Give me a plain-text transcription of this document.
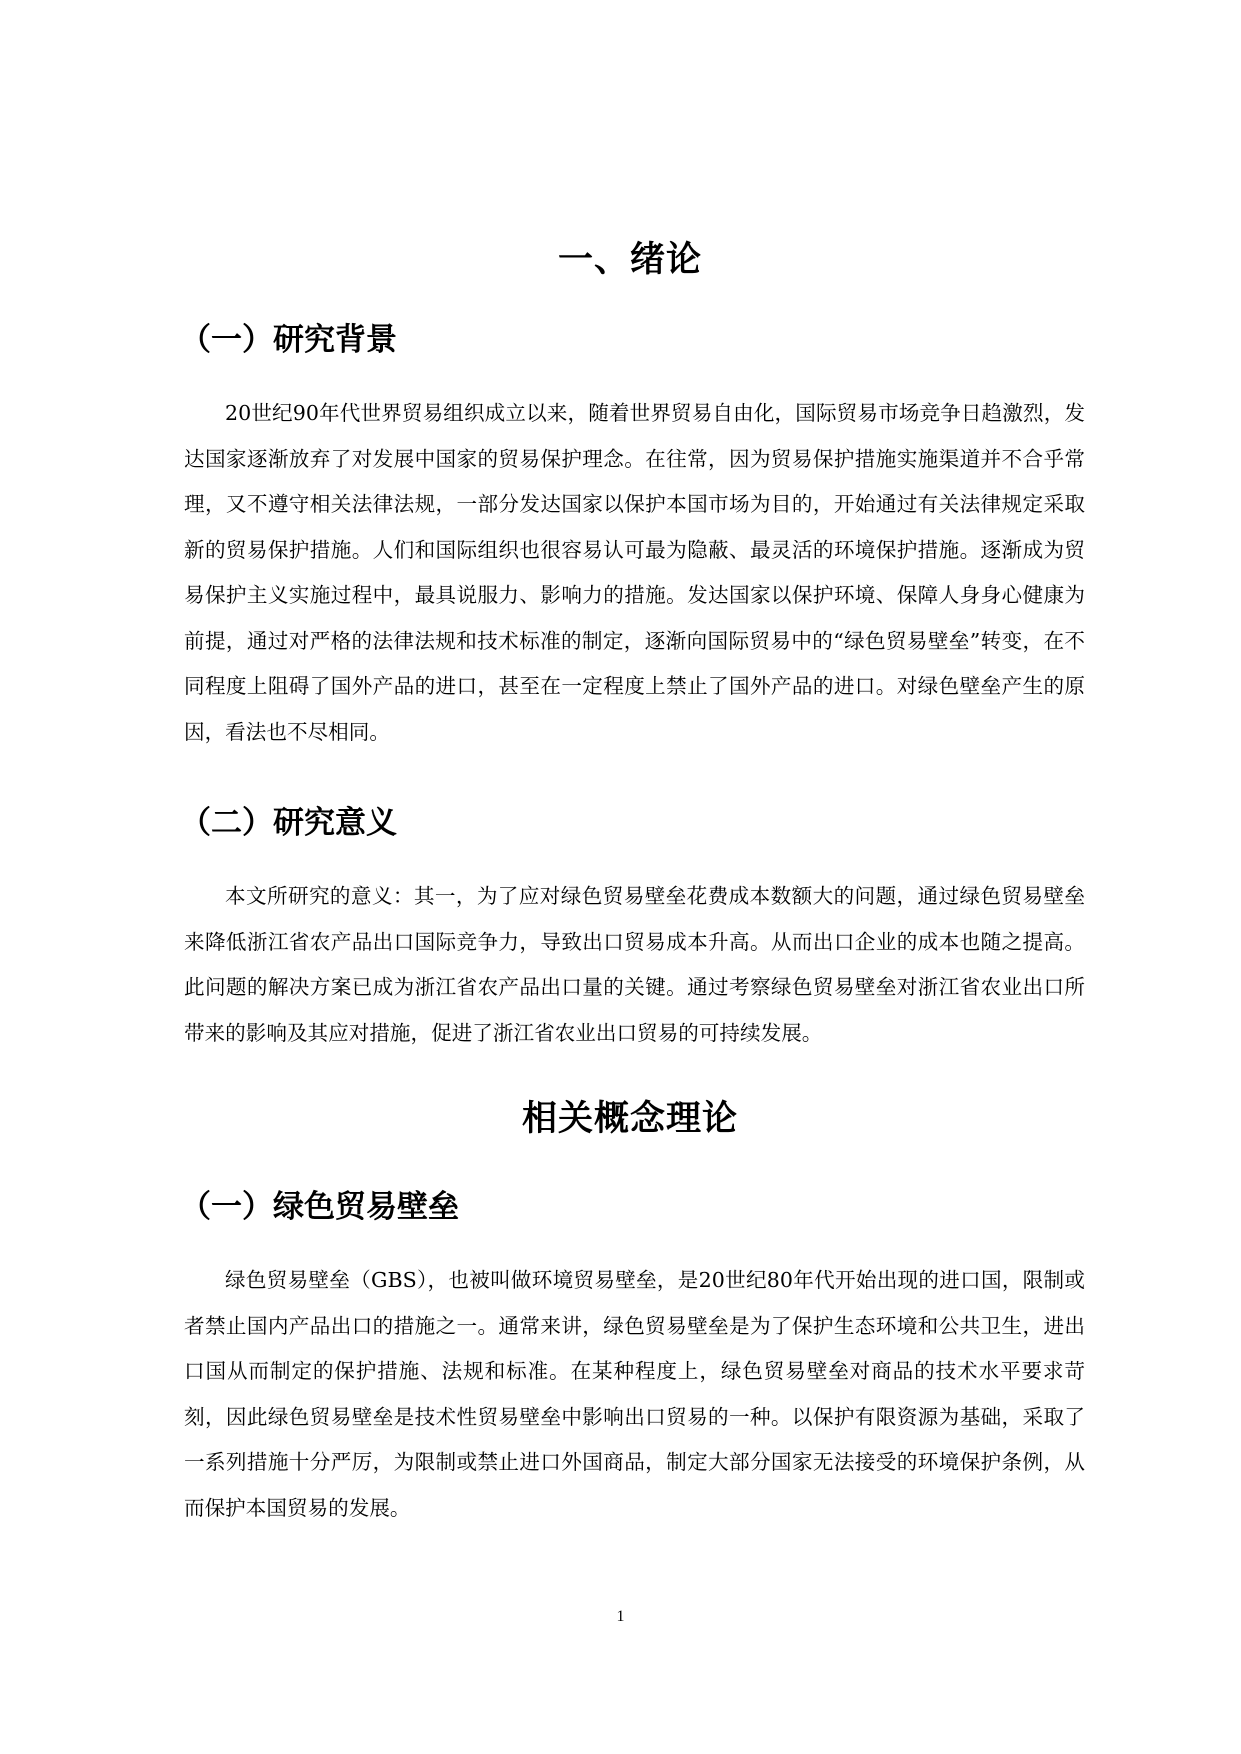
一、绪论
（一）研究背景

20世纪90年代世界贸易组织成立以来，随着世界贸易自由化，国际贸易市场竞争日趋激烈，发达国家逐渐放弃了对发展中国家的贸易保护理念。在往常，因为贸易保护措施实施渠道并不合乎常理，又不遵守相关法律法规，一部分发达国家以保护本国市场为目的，开始通过有关法律规定采取新的贸易保护措施。人们和国际组织也很容易认可最为隐蔽、最灵活的环境保护措施。逐渐成为贸易保护主义实施过程中，最具说服力、影响力的措施。发达国家以保护环境、保障人身身心健康为前提，通过对严格的法律法规和技术标准的制定，逐渐向国际贸易中的“绿色贸易壁垒”转变，在不同程度上阻碍了国外产品的进口，甚至在一定程度上禁止了国外产品的进口。对绿色壁垒产生的原因，看法也不尽相同。

（二）研究意义

本文所研究的意义：其一，为了应对绿色贸易壁垒花费成本数额大的问题，通过绿色贸易壁垒来降低浙江省农产品出口国际竞争力，导致出口贸易成本升高。从而出口企业的成本也随之提高。此问题的解决方案已成为浙江省农产品出口量的关键。通过考察绿色贸易壁垒对浙江省农业出口所带来的影响及其应对措施，促进了浙江省农业出口贸易的可持续发展。

相关概念理论
（一）绿色贸易壁垒

绿色贸易壁垒（GBS），也被叫做环境贸易壁垒，是20世纪80年代开始出现的进口国，限制或者禁止国内产品出口的措施之一。通常来讲，绿色贸易壁垒是为了保护生态环境和公共卫生，进出口国从而制定的保护措施、法规和标准。在某种程度上，绿色贸易壁垒对商品的技术水平要求苛刻，因此绿色贸易壁垒是技术性贸易壁垒中影响出口贸易的一种。以保护有限资源为基础，采取了一系列措施十分严厉，为限制或禁止进口外国商品，制定大部分国家无法接受的环境保护条例，从而保护本国贸易的发展。

1
